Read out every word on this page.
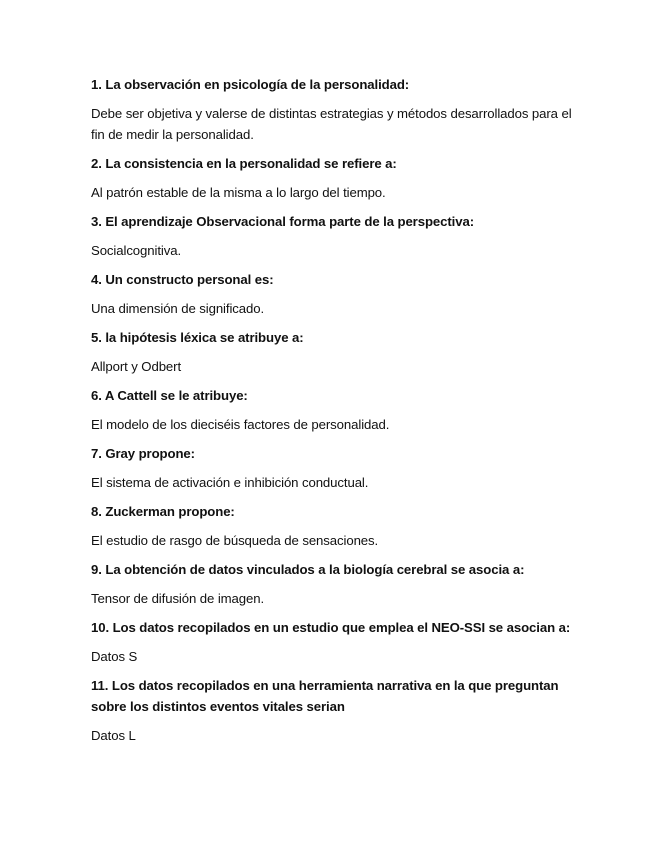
1. La observación en psicología de la personalidad:

Debe ser objetiva y valerse de distintas estrategias y métodos desarrollados para el fin de medir la personalidad.

2. La consistencia en la personalidad se refiere a:

Al patrón estable de la misma a lo largo del tiempo.

3. El aprendizaje Observacional forma parte de la perspectiva:

Socialcognitiva.

4. Un constructo personal es:

Una dimensión de significado.

5. la hipótesis léxica se atribuye a:

Allport y Odbert

6. A Cattell se le atribuye:

El modelo de los dieciséis factores de personalidad.

7. Gray propone:

El sistema de activación e inhibición conductual.

8. Zuckerman propone:

El estudio de rasgo de búsqueda de sensaciones.

9. La obtención de datos vinculados a la biología cerebral se asocia a:

Tensor de difusión de imagen.

10. Los datos recopilados en un estudio que emplea el NEO-SSI se asocian a:

Datos S

11. Los datos recopilados en una herramienta narrativa en la que preguntan sobre los distintos eventos vitales serian

Datos L
